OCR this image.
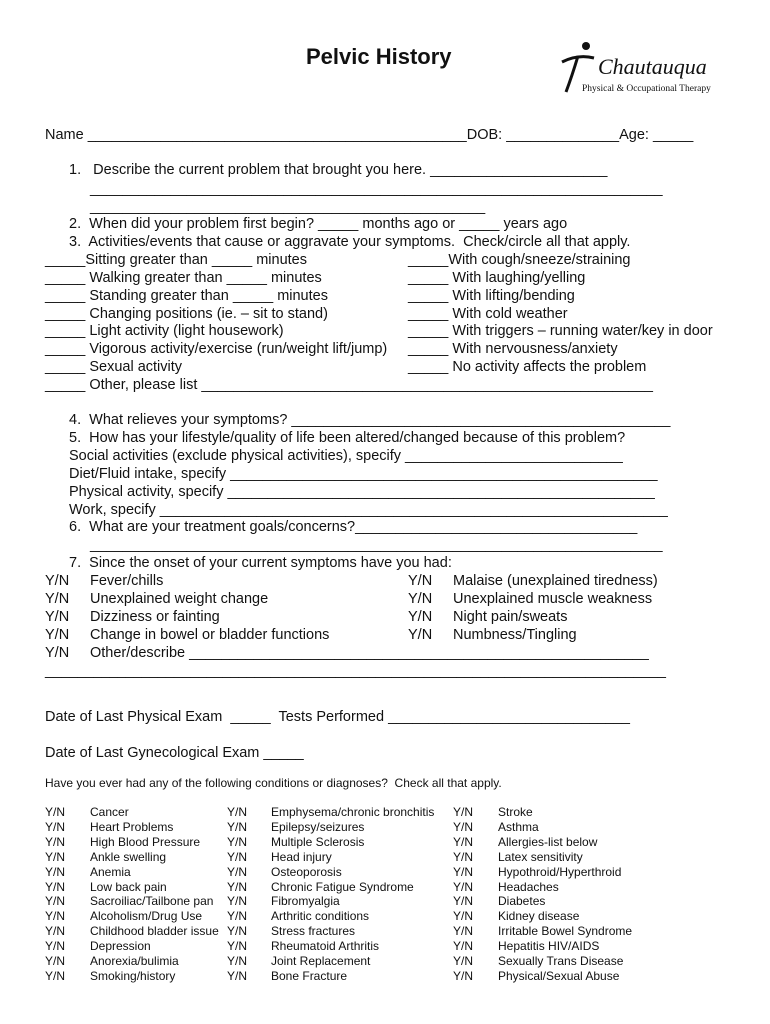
Pelvic History

	Chautauqua

Physical & Occupational Therapy

Name _______________________________________________DOB: ______________Age: _____
1.   Describe the current problem that brought you here. ______________________
_______________________________________________________________________
_________________________________________________
2.  When did your problem first begin? _____ months ago or _____ years ago
3.  Activities/events that cause or aggravate your symptoms.  Check/circle all that apply.
_____Sitting greater than _____ minutes
_____ Walking greater than _____ minutes
_____ Standing greater than _____ minutes
_____ Changing positions (ie. – sit to stand)
_____ Light activity (light housework)
_____ Vigorous activity/exercise (run/weight lift/jump)
_____ Sexual activity
_____ Other, please list ________________________________________________________
_____With cough/sneeze/straining
_____ With laughing/yelling
_____ With lifting/bending
_____ With cold weather
_____ With triggers – running water/key in door
_____ With nervousness/anxiety
_____ No activity affects the problem
4.  What relieves your symptoms? _______________________________________________
5.  How has your lifestyle/quality of life been altered/changed because of this problem?
Social activities (exclude physical activities), specify ___________________________
Diet/Fluid intake, specify _____________________________________________________
Physical activity, specify _____________________________________________________
Work, specify _______________________________________________________________
6.  What are your treatment goals/concerns?___________________________________
_______________________________________________________________________
7.  Since the onset of your current symptoms have you had:
Y/N Fever/chills
Y/N Unexplained weight change
Y/N Dizziness or fainting
Y/N Change in bowel or bladder functions
Y/N Other/describe _________________________________________________________
Y/N Malaise (unexplained tiredness)
Y/N Unexplained muscle weakness
Y/N Night pain/sweats
Y/N Numbness/Tingling
_____________________________________________________________________________
Date of Last Physical Exam  _____  Tests Performed ______________________________
Date of Last Gynecological Exam _____
Have you ever had any of the following conditions or diagnoses?  Check all that apply.
Y/N Cancer
Y/N Heart Problems
Y/N High Blood Pressure
Y/N Ankle swelling
Y/N Anemia
Y/N Low back pain
Y/N Sacroiliac/Tailbone pan
Y/N Alcoholism/Drug Use
Y/N Childhood bladder issue
Y/N Depression
Y/N Anorexia/bulimia
Y/N Smoking/history
Y/N Emphysema/chronic bronchitis
Y/N Epilepsy/seizures
Y/N Multiple Sclerosis
Y/N Head injury
Y/N Osteoporosis
Y/N Chronic Fatigue Syndrome
Y/N Fibromyalgia
Y/N Arthritic conditions
Y/N Stress fractures
Y/N Rheumatoid Arthritis
Y/N Joint Replacement
Y/N Bone Fracture
Y/N Stroke
Y/N Asthma
Y/N Allergies-list below
Y/N Latex sensitivity
Y/N Hypothroid/Hyperthroid
Y/N Headaches
Y/N Diabetes
Y/N Kidney disease
Y/N Irritable Bowel Syndrome
Y/N Hepatitis HIV/AIDS
Y/N Sexually Trans Disease
Y/N Physical/Sexual Abuse
